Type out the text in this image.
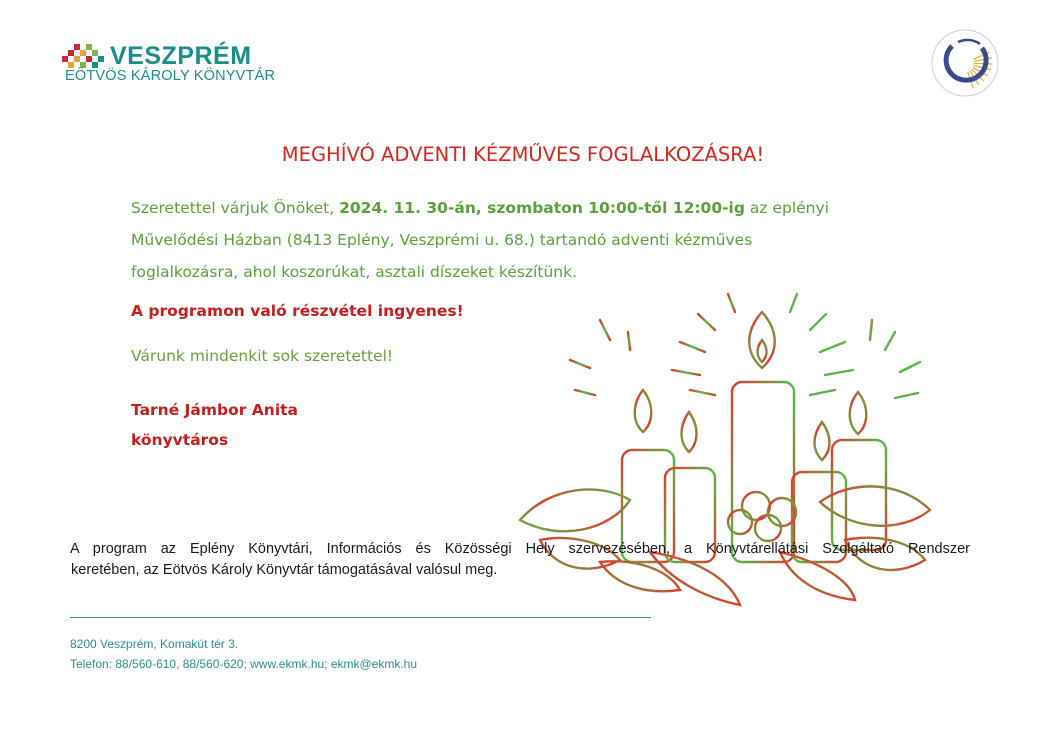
VESZPRÉM
EÖTVÖS KÁROLY KÖNYVTÁR
MEGHÍVÓ ADVENTI KÉZMŰVES FOGLALKOZÁSRA!
Szeretettel várjuk Önöket, 2024. 11. 30-án, szombaton 10:00-től 12:00-ig az eplényi
Művelődési Házban (8413 Eplény, Veszprémi u. 68.) tartandó adventi kézműves
foglalkozásra, ahol koszorúkat, asztali díszeket készítünk.
A programon való részvétel ingyenes!
Várunk mindenkit sok szeretettel!
Tarné Jámbor Anita
könyvtáros
A program az Eplény Könyvtári, Információs és Közösségi Hely szervezésében, a Könyvtárellátási Szolgáltató Rendszer
keretében, az Eötvös Károly Könyvtár támogatásával valósul meg.
8200 Veszprém, Komakút tér 3.
Telefon: 88/560-610, 88/560-620; www.ekmk.hu; ekmk@ekmk.hu
